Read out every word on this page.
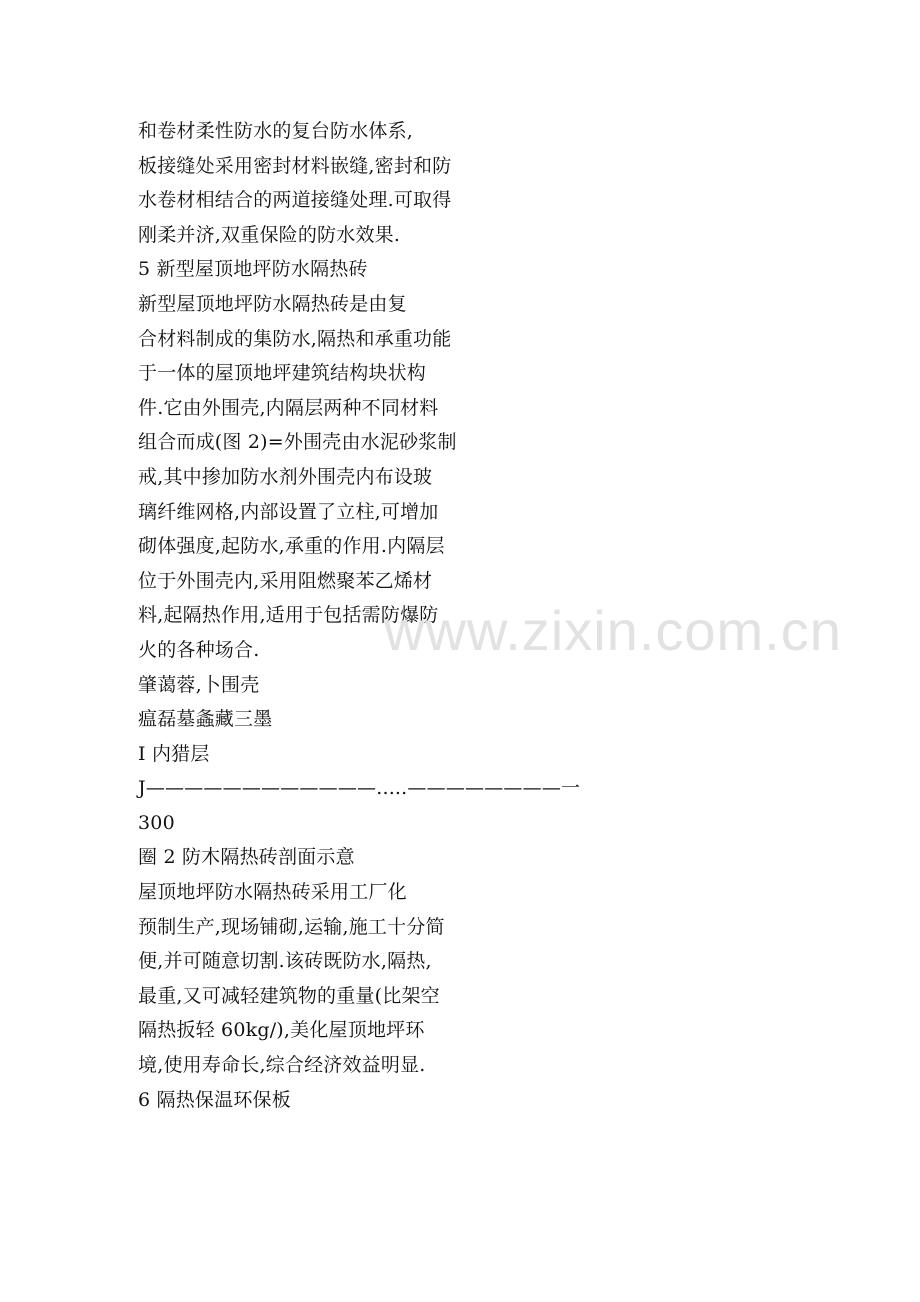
和卷材柔性防水的复台防水体系,
板接缝处采用密封材料嵌缝,密封和防
水卷材相结合的两道接缝处理.可取得
刚柔并济,双重保险的防水效果.
5 新型屋顶地坪防水隔热砖
新型屋顶地坪防水隔热砖是由复
合材料制成的集防水,隔热和承重功能
于一体的屋顶地坪建筑结构块状构
件.它由外围壳,内隔层两种不同材料
组合而成(图 2)=外围壳由水泥砂浆制
戒,其中掺加防水剂外围壳内布设玻
璃纤维网格,内部设置了立柱,可增加
砌体强度,起防水,承重的作用.内隔层
位于外围壳内,采用阻燃聚苯乙烯材
料,起隔热作用,适用于包括需防爆防
火的各种场合.
肇蔼蓉,卜围壳
瘟磊墓螽藏三墨
I 内猎层
J————————————.....————————一
300
圈 2 防木隔热砖剖面示意
屋顶地坪防水隔热砖采用工厂化
预制生产,现场铺砌,运输,施工十分简
便,并可随意切割.该砖既防水,隔热,
最重,又可减轻建筑物的重量(比架空
隔热扳轻 60kg/),美化屋顶地坪环
境,使用寿命长,综合经济效益明显.
6 隔热保温环保板
www.zixin.com.cn
